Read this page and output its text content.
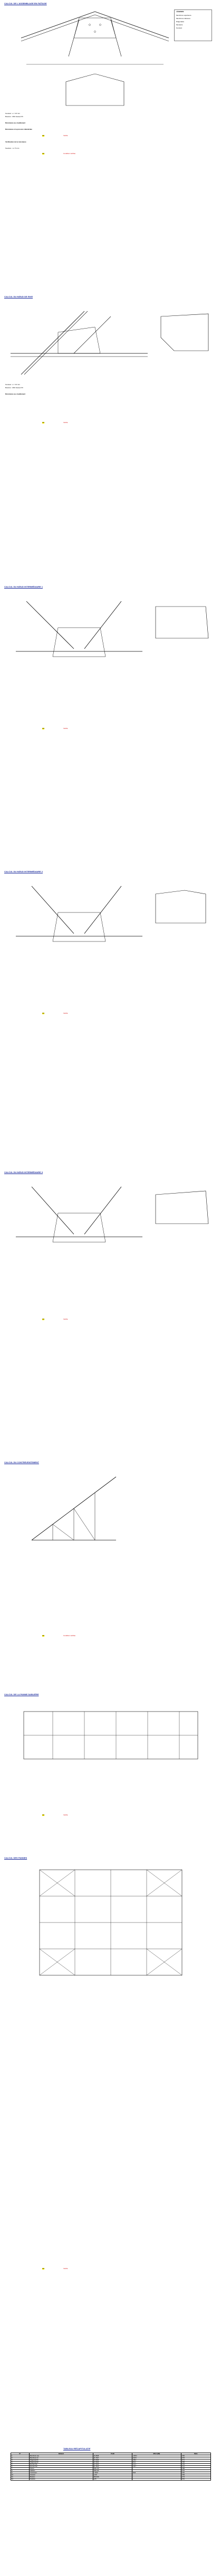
CALCUL DE L'ASSEMBLAGE EN FAÎTAGE
LÉGENDE
Membrure supérieure
Membrure inférieure
Diagonales
Montants
Gousset
Gousset : e = 10 mm
Boulons : M16 classe 8.8
Résistance au cisaillement
Résistance à la pression diamétrale
OK	Vérifié
Vérification de la résistance
Soudure : a = 5 mm
OK	Condition vérifiée
CALCUL DU NŒUD DE RIVE
Gousset : e = 10 mm
Boulons : M16 classe 8.8
Résistance au cisaillement
OK	Vérifié
CALCUL DU NŒUD INTERMÉDIAIRE 1
OK	Vérifié
CALCUL DU NŒUD INTERMÉDIAIRE 2
OK	Vérifié
CALCUL DU NŒUD INTERMÉDIAIRE 3
OK	Vérifié
CALCUL DU CONTREVENTEMENT
OK	Condition vérifiée
CALCUL DE LA PANNE SABLIÈRE
OK	Vérifié
CALCUL DES PANNES
OK	Vérifié
TABLEAU RÉCAPITULATIF
N°	Élément	Profil	Effort (kN)	Ratio
1	Membrure sup.	2L 80x8	-245.3	0.82
2	Membrure inf.	2L 70x7	212.6	0.76
3	Diagonale D1	2L 60x6	-98.4	0.71
4	Diagonale D2	2L 50x5	64.2	0.58
5	Montant M1	2L 50x5	-42.1	0.49
6	Montant M2	2L 45x5	-28.7	0.41
7	Panne	IPE 140	-	0.88
8	Sablière	IPE 160	-	0.64
9	Contrevent.	L 60x6	35.8	0.52
10	Gousset	e=10	-	0.69
11	Boulons	M16-8.8	-	0.73
12	Soudure	a=5	-	0.61
